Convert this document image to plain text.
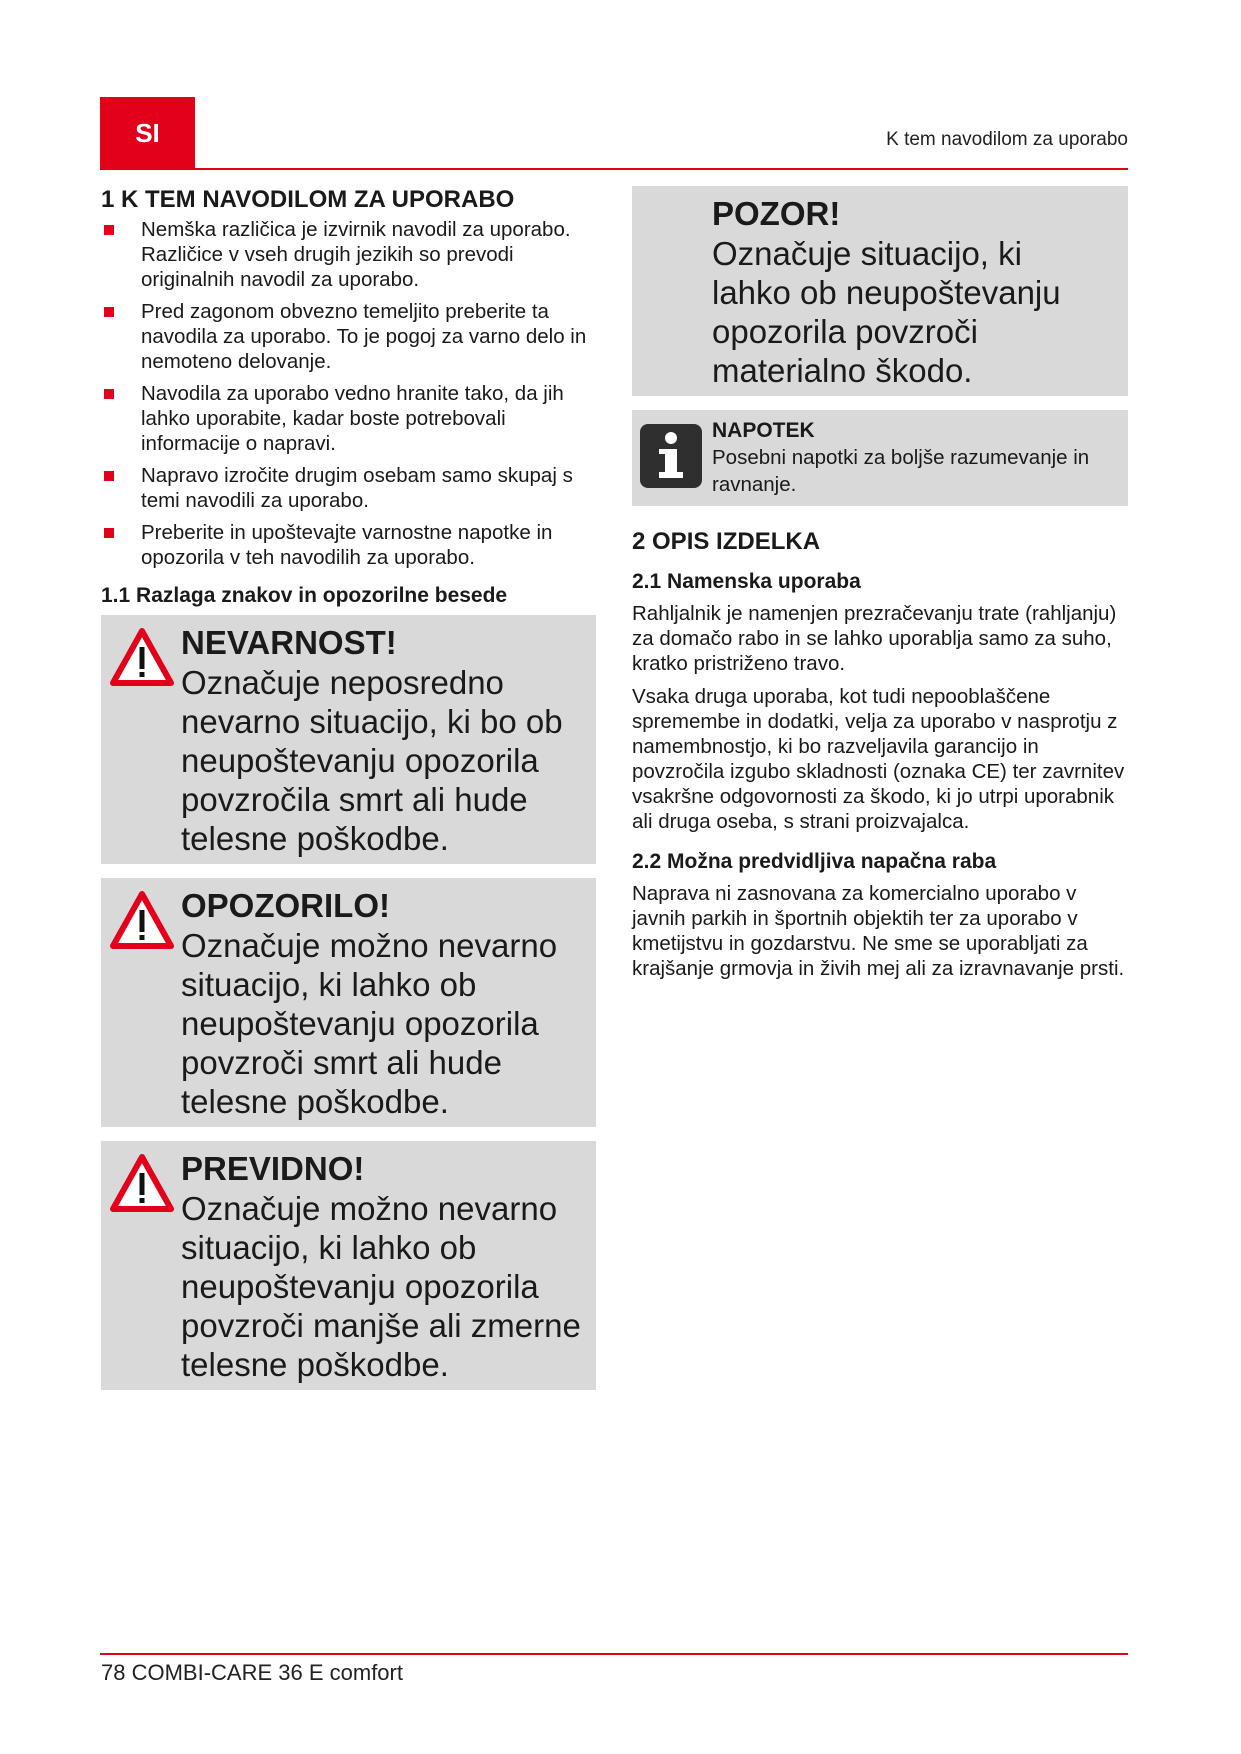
SI	K tem navodilom za uporabo
1 K TEM NAVODILOM ZA UPORABO
Nemška različica je izvirnik navodil za uporabo. Različice v vseh drugih jezikih so prevodi originalnih navodil za uporabo.
Pred zagonom obvezno temeljito preberite ta navodila za uporabo. To je pogoj za varno delo in nemoteno delovanje.
Navodila za uporabo vedno hranite tako, da jih lahko uporabite, kadar boste potrebovali informacije o napravi.
Napravo izročite drugim osebam samo skupaj s temi navodili za uporabo.
Preberite in upoštevajte varnostne napotke in opozorila v teh navodilih za uporabo.
1.1 Razlaga znakov in opozorilne besede
NEVARNOST!
Označuje neposredno nevarno situacijo, ki bo ob neupoštevanju opozorila povzročila smrt ali hude telesne poškodbe.
OPOZORILO!
Označuje možno nevarno situacijo, ki lahko ob neupoštevanju opozorila povzroči smrt ali hude telesne poškodbe.
PREVIDNO!
Označuje možno nevarno situacijo, ki lahko ob neupoštevanju opozorila povzroči manjše ali zmerne telesne poškodbe.
POZOR!
Označuje situacijo, ki lahko ob neupoštevanju opozorila povzroči materialno škodo.
NAPOTEK
Posebni napotki za boljše razumevanje in ravnanje.
2 OPIS IZDELKA
2.1 Namenska uporaba

Rahljalnik je namenjen prezračevanju trate (rahljanju) za domačo rabo in se lahko uporablja samo za suho, kratko pristriženo travo.

Vsaka druga uporaba, kot tudi nepooblaščene spremembe in dodatki, velja za uporabo v nasprotju z namembnostjo, ki bo razveljavila garancijo in povzročila izgubo skladnosti (oznaka CE) ter zavrnitev vsakršne odgovornosti za škodo, ki jo utrpi uporabnik ali druga oseba, s strani proizvajalca.

2.2 Možna predvidljiva napačna raba

Naprava ni zasnovana za komercialno uporabo v javnih parkih in športnih objektih ter za uporabo v kmetijstvu in gozdarstvu. Ne sme se uporabljati za krajšanje grmovja in živih mej ali za izravnavanje prsti.

78 COMBI-CARE 36 E comfort
